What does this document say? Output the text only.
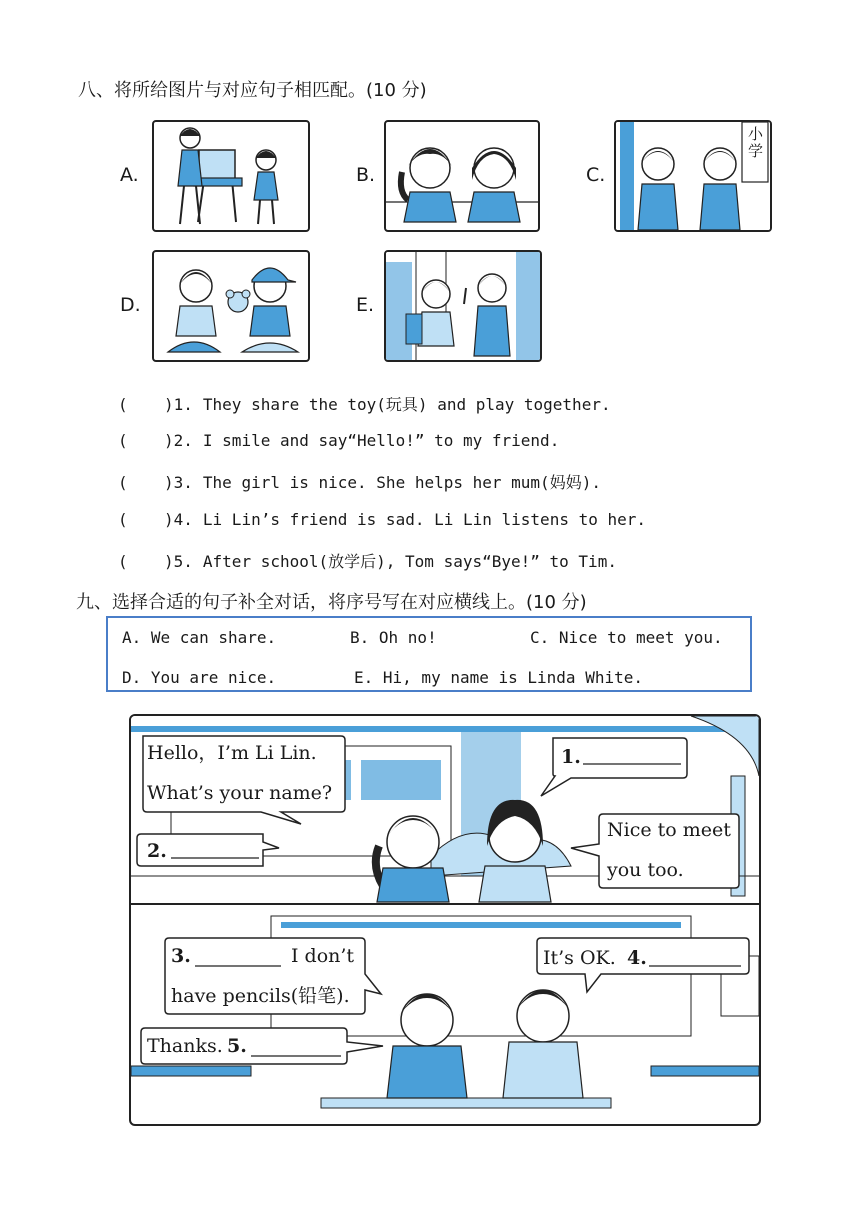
八、将所给图片与对应句子相匹配。(10 分)
A.	B.	C.
小学
D.	E.
( )1. They share the toy(玩具) and play together.
( )2. I smile and say“Hello!” to my friend.
( )3. The girl is nice. She helps her mum(妈妈).
( )4. Li Lin’s friend is sad. Li Lin listens to her.
( )5. After school(放学后), Tom says“Bye!” to Tim.
九、选择合适的句子补全对话，将序号写在对应横线上。(10 分)
A. We can share.	B. Oh no!	C. Nice to meet you.
D. You are nice.	E. Hi, my name is Linda White.
Hello，I’m Li Lin.
What’s your name?
1.
2.
Nice to meet
you too.
3.	I don’t
have pencils(铅笔).
It’s OK. 4.
Thanks. 5.
